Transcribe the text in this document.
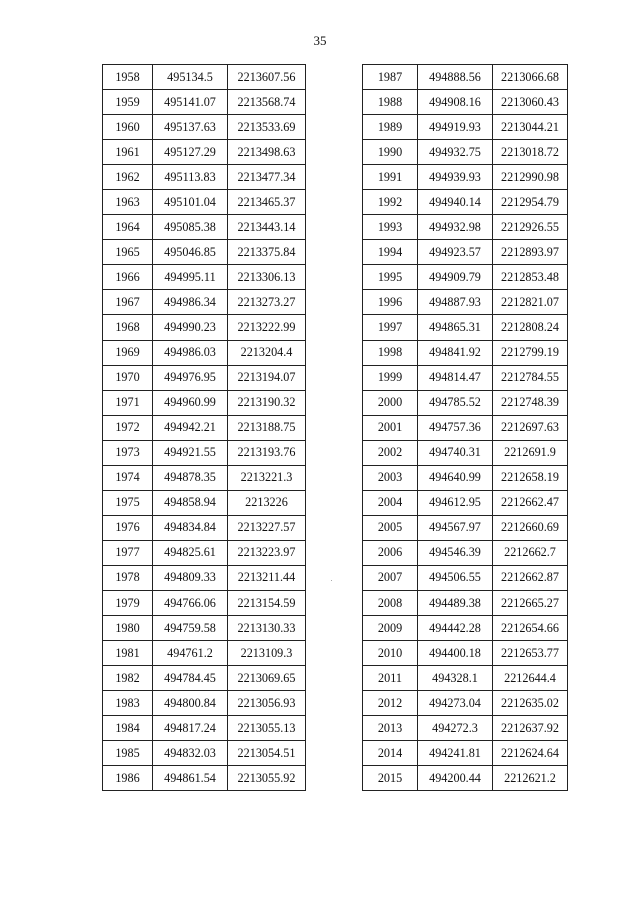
35
1958	495134.5	2213607.56
1959	495141.07	2213568.74
1960	495137.63	2213533.69
1961	495127.29	2213498.63
1962	495113.83	2213477.34
1963	495101.04	2213465.37
1964	495085.38	2213443.14
1965	495046.85	2213375.84
1966	494995.11	2213306.13
1967	494986.34	2213273.27
1968	494990.23	2213222.99
1969	494986.03	2213204.4
1970	494976.95	2213194.07
1971	494960.99	2213190.32
1972	494942.21	2213188.75
1973	494921.55	2213193.76
1974	494878.35	2213221.3
1975	494858.94	2213226
1976	494834.84	2213227.57
1977	494825.61	2213223.97
1978	494809.33	2213211.44
1979	494766.06	2213154.59
1980	494759.58	2213130.33
1981	494761.2	2213109.3
1982	494784.45	2213069.65
1983	494800.84	2213056.93
1984	494817.24	2213055.13
1985	494832.03	2213054.51
1986	494861.54	2213055.92
1987	494888.56	2213066.68
1988	494908.16	2213060.43
1989	494919.93	2213044.21
1990	494932.75	2213018.72
1991	494939.93	2212990.98
1992	494940.14	2212954.79
1993	494932.98	2212926.55
1994	494923.57	2212893.97
1995	494909.79	2212853.48
1996	494887.93	2212821.07
1997	494865.31	2212808.24
1998	494841.92	2212799.19
1999	494814.47	2212784.55
2000	494785.52	2212748.39
2001	494757.36	2212697.63
2002	494740.31	2212691.9
2003	494640.99	2212658.19
2004	494612.95	2212662.47
2005	494567.97	2212660.69
2006	494546.39	2212662.7
2007	494506.55	2212662.87
2008	494489.38	2212665.27
2009	494442.28	2212654.66
2010	494400.18	2212653.77
2011	494328.1	2212644.4
2012	494273.04	2212635.02
2013	494272.3	2212637.92
2014	494241.81	2212624.64
2015	494200.44	2212621.2
